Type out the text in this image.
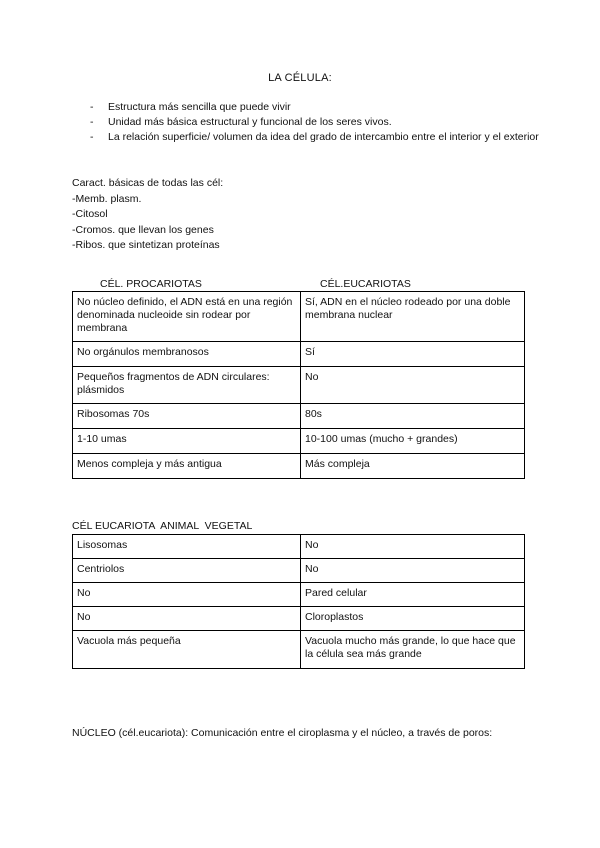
LA CÉLULA:
- Estructura más sencilla que puede vivir
- Unidad más básica estructural y funcional de los seres vivos.
- La relación superficie/ volumen da idea del grado de intercambio entre el interior y el exterior
Caract. básicas de todas las cél:
-Memb. plasm.
-Citosol
-Cromos. que llevan los genes
-Ribos. que sintetizan proteínas
CÉL. PROCARIOTAS	CÉL.EUCARIOTAS
No núcleo definido, el ADN está en una región denominada nucleoide sin rodear por membrana	Sí, ADN en el núcleo rodeado por una doble membrana nuclear
No orgánulos membranosos	Sí
Pequeños fragmentos de ADN circulares: plásmidos	No
Ribosomas 70s	80s
1-10 umas	10-100 umas (mucho + grandes)
Menos compleja y más antigua	Más compleja
CÉL EUCARIOTA  ANIMAL  VEGETAL
Lisosomas	No
Centriolos	No
No	Pared celular
No	Cloroplastos
Vacuola más pequeña	Vacuola mucho más grande, lo que hace que la célula sea más grande
NÚCLEO (cél.eucariota): Comunicación entre el ciroplasma y el núcleo, a través de poros:
